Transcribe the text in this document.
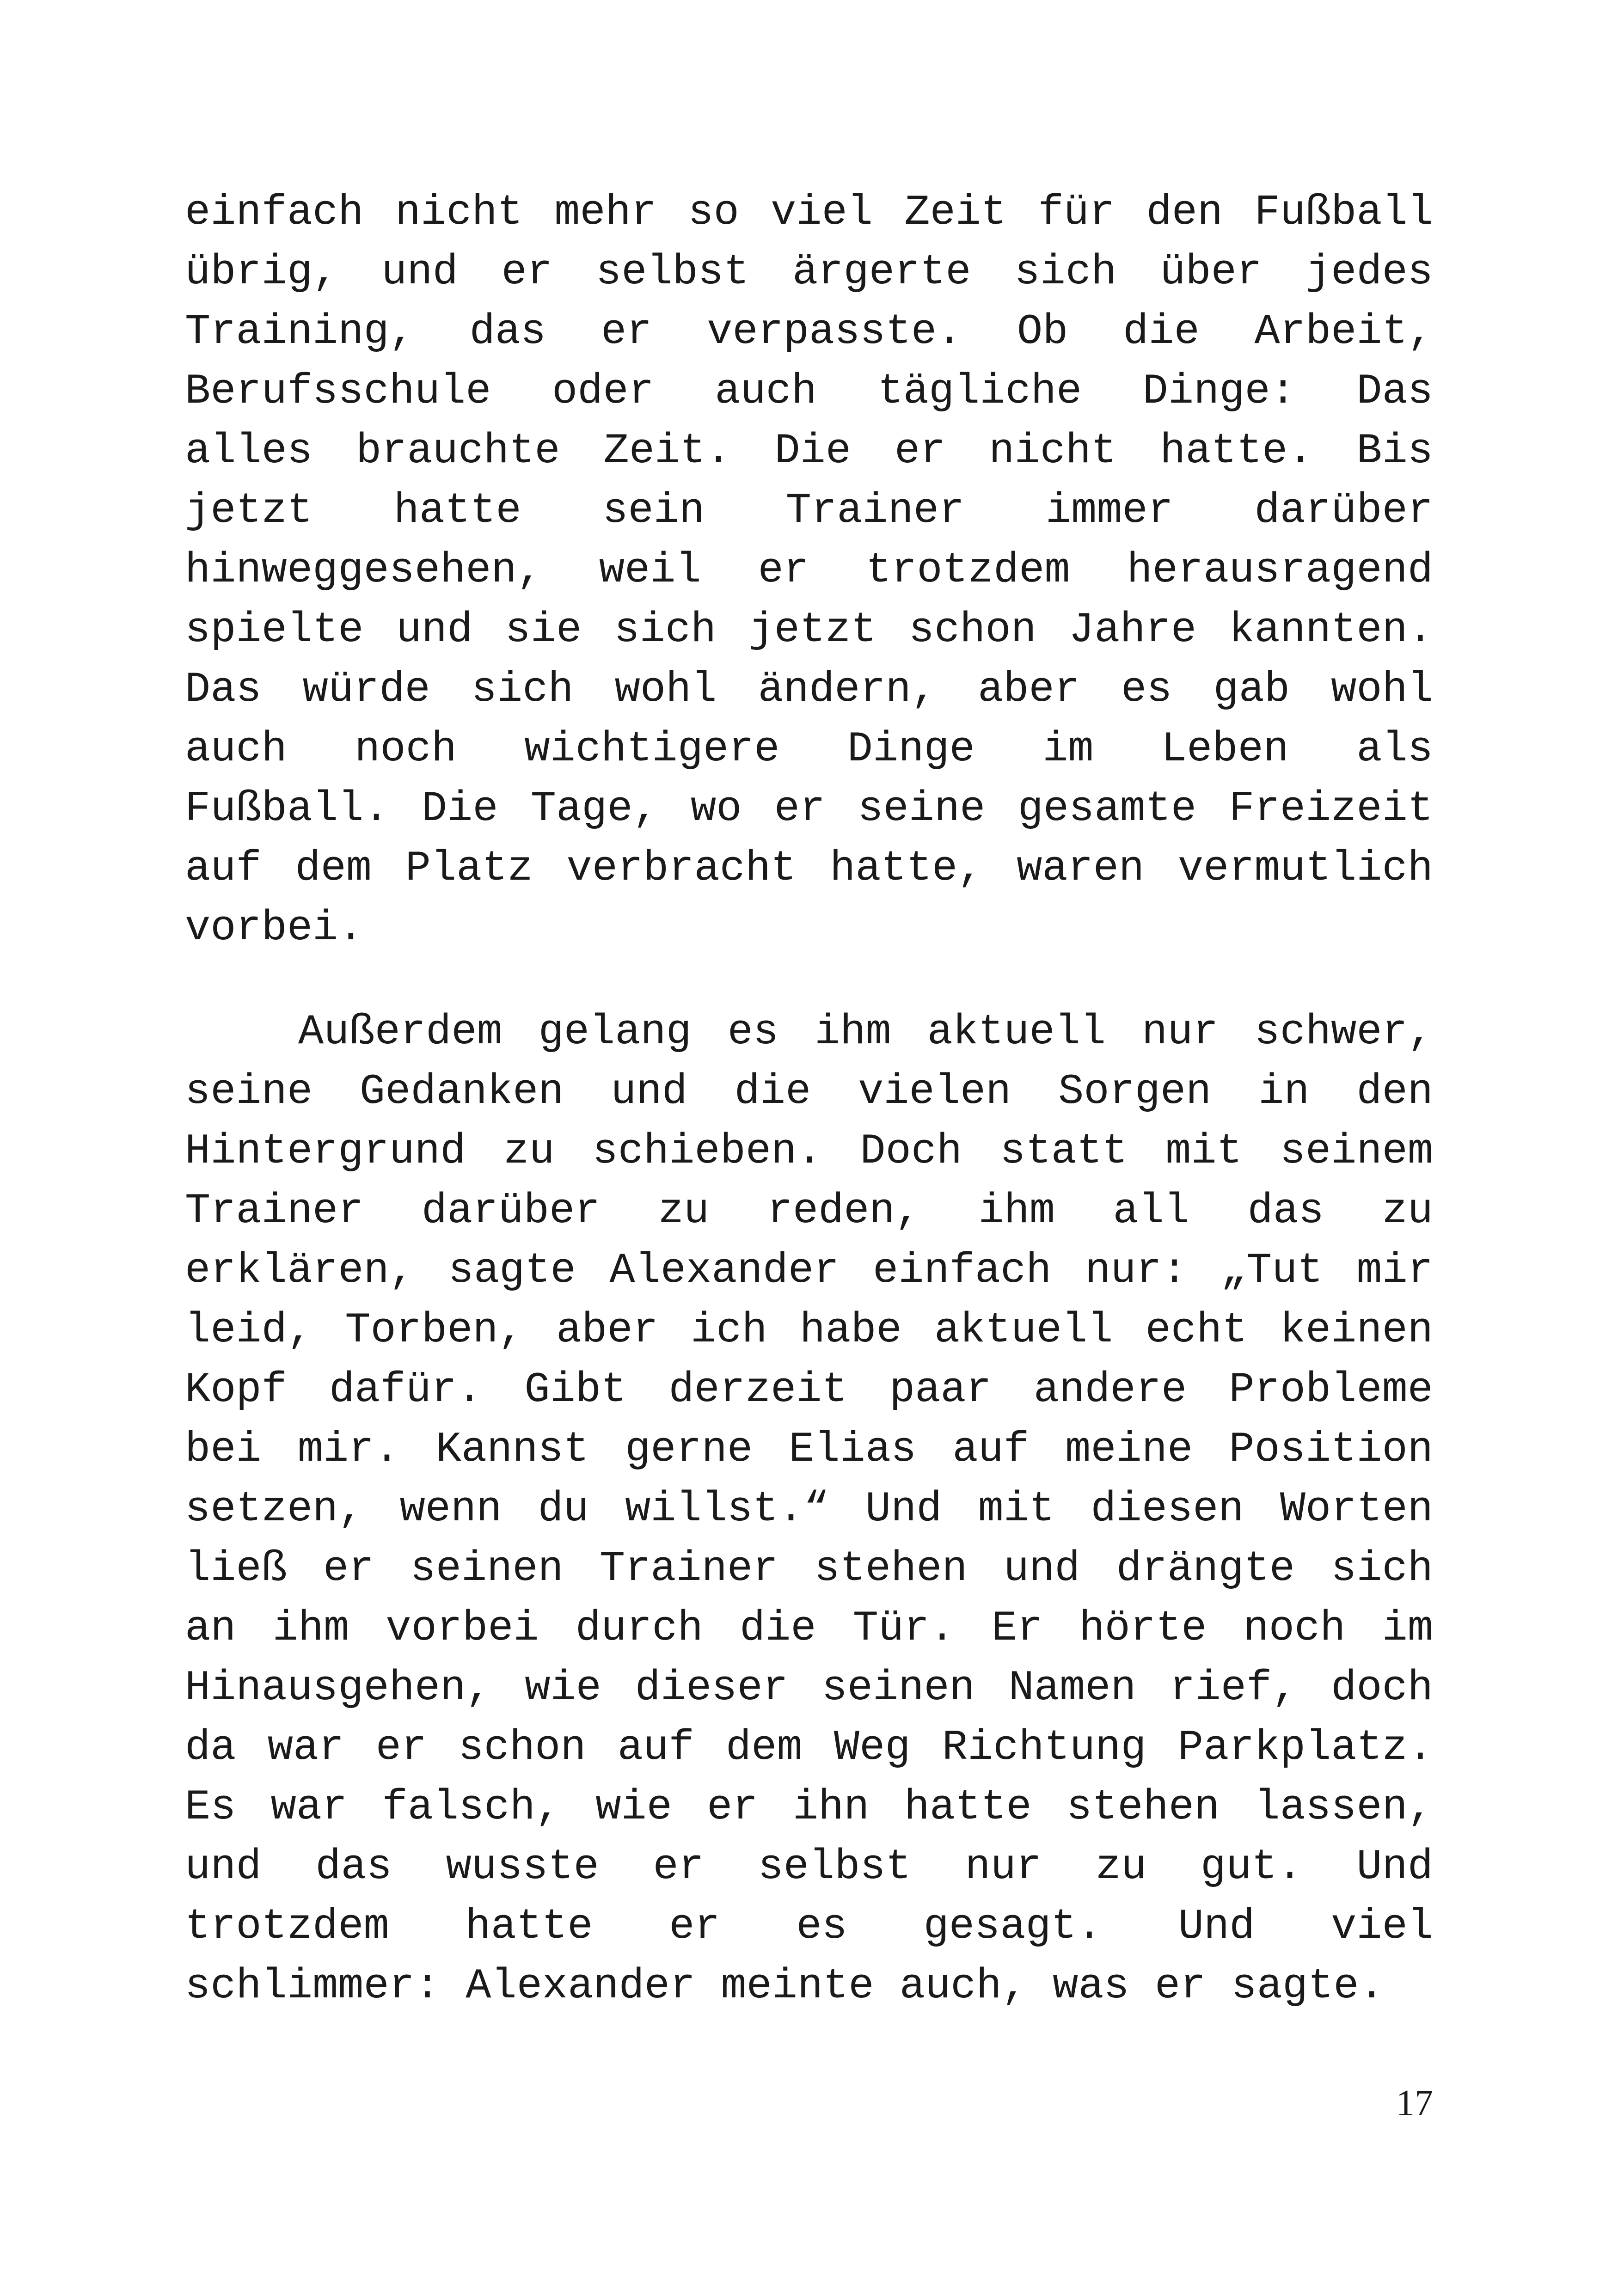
einfach nicht mehr so viel Zeit für den Fußball
übrig, und er selbst ärgerte sich über jedes
Training, das er verpasste. Ob die Arbeit,
Berufsschule oder auch tägliche Dinge: Das
alles brauchte Zeit. Die er nicht hatte. Bis
jetzt hatte sein Trainer immer darüber
hinweggesehen, weil er trotzdem herausragend
spielte und sie sich jetzt schon Jahre kannten.
Das würde sich wohl ändern, aber es gab wohl
auch noch wichtigere Dinge im Leben als
Fußball. Die Tage, wo er seine gesamte Freizeit
auf dem Platz verbracht hatte, waren vermutlich
vorbei.
Außerdem gelang es ihm aktuell nur schwer,
seine Gedanken und die vielen Sorgen in den
Hintergrund zu schieben. Doch statt mit seinem
Trainer darüber zu reden, ihm all das zu
erklären, sagte Alexander einfach nur: „Tut mir
leid, Torben, aber ich habe aktuell echt keinen
Kopf dafür. Gibt derzeit paar andere Probleme
bei mir. Kannst gerne Elias auf meine Position
setzen, wenn du willst.“ Und mit diesen Worten
ließ er seinen Trainer stehen und drängte sich
an ihm vorbei durch die Tür. Er hörte noch im
Hinausgehen, wie dieser seinen Namen rief, doch
da war er schon auf dem Weg Richtung Parkplatz.
Es war falsch, wie er ihn hatte stehen lassen,
und das wusste er selbst nur zu gut. Und
trotzdem hatte er es gesagt. Und viel
schlimmer: Alexander meinte auch, was er sagte.
17
